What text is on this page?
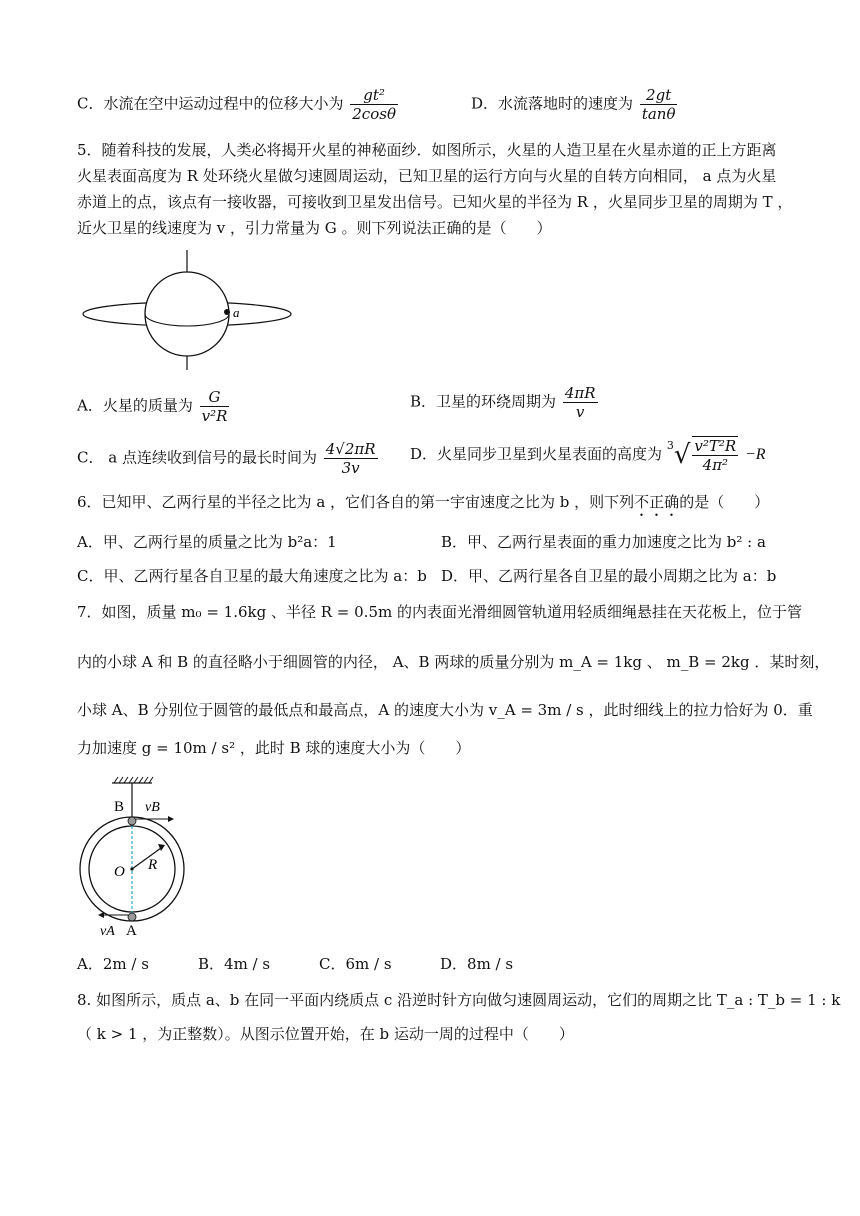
C．水流在空中运动过程中的位移大小为 $\frac{\text{gt²}}{2\cos\theta}$	D．水流落地时的速度为 $\frac{2gt}{\tan\theta}$
5．随着科技的发展，人类必将揭开火星的神秘面纱．如图所示，火星的人造卫星在火星赤道的正上方距离
火星表面高度为 R 处环绕火星做匀速圆周运动，已知卫星的运行方向与火星的自转方向相同， a 点为火星
赤道上的点，该点有一接收器，可接收到卫星发出信号。已知火星的半径为 R ，火星同步卫星的周期为 T ，
近火卫星的线速度为 v ，引力常量为 G 。则下列说法正确的是（　　）
a
A．火星的质量为 $\frac{G}{\text{v²R}}$	B．卫星的环绕周期为 $\frac{4\pi R}{v}$
C． a 点连续收到信号的最长时间为 $\frac{4√2\pi R}{3v}$ D．火星同步卫星到火星表面的高度为 $^3√ \frac{\text{v²T²R}}{\text{4π²}} -R$
6．已知甲、乙两行星的半径之比为 a ，它们各自的第一宇宙速度之比为 b ，则下列不正确的是（　　）
A．甲、乙两行星的质量之比为 b²a：1	B．甲、乙两行星表面的重力加速度之比为 b² : a
C．甲、乙两行星各自卫星的最大角速度之比为 a：b D．甲、乙两行星各自卫星的最小周期之比为 a：b
7．如图，质量 m₀ = 1.6kg 、半径 R = 0.5m 的内表面光滑细圆管轨道用轻质细绳悬挂在天花板上，位于管
内的小球 A 和 B 的直径略小于细圆管的内径， A、B 两球的质量分别为 m_A = 1kg 、 m_B = 2kg ．某时刻，
小球 A、B 分别位于圆管的最低点和最高点，A 的速度大小为 v_A = 3m / s ，此时细线上的拉力恰好为 0．重
力加速度 g = 10m / s² ，此时 B 球的速度大小为（　　）
B vB
O R
vA A
A．2m / s	B．4m / s	C．6m / s	D．8m / s
8. 如图所示，质点 a、b 在同一平面内绕质点 c 沿逆时针方向做匀速圆周运动，它们的周期之比 T_a : T_b = 1 : k
（ k > 1 ，为正整数）。从图示位置开始，在 b 运动一周的过程中（　　）
